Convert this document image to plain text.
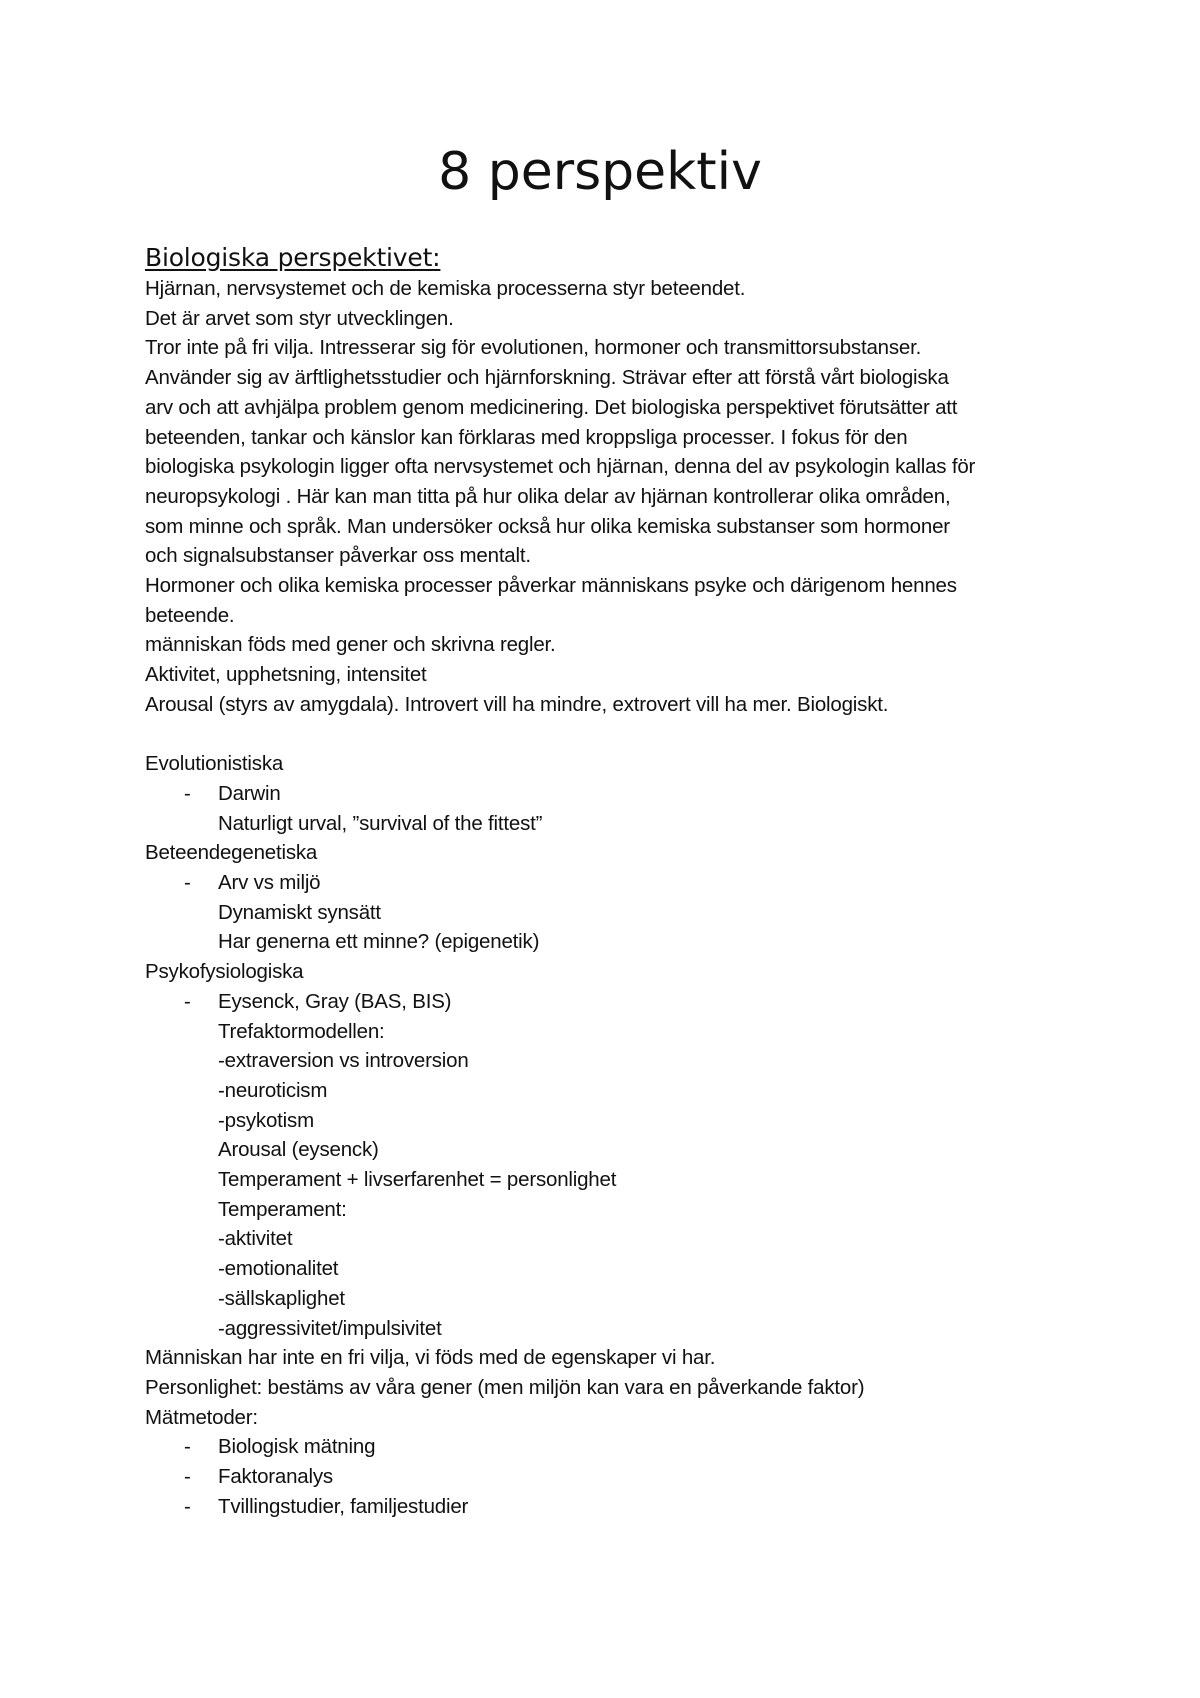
8 perspektiv
Biologiska perspektivet:

Hjärnan, nervsystemet och de kemiska processerna styr beteendet.

Det är arvet som styr utvecklingen.

Tror inte på fri vilja. Intresserar sig för evolutionen, hormoner och transmittorsubstanser.

Använder sig av ärftlighetsstudier och hjärnforskning. Strävar efter att förstå vårt biologiska

arv och att avhjälpa problem genom medicinering. Det biologiska perspektivet förutsätter att

beteenden, tankar och känslor kan förklaras med kroppsliga processer. I fokus för den

biologiska psykologin ligger ofta nervsystemet och hjärnan, denna del av psykologin kallas för

neuropsykologi . Här kan man titta på hur olika delar av hjärnan kontrollerar olika områden,

som minne och språk. Man undersöker också hur olika kemiska substanser som hormoner

och signalsubstanser påverkar oss mentalt.

Hormoner och olika kemiska processer påverkar människans psyke och därigenom hennes

beteende.

människan föds med gener och skrivna regler.

Aktivitet, upphetsning, intensitet

Arousal (styrs av amygdala). Introvert vill ha mindre, extrovert vill ha mer. Biologiskt.

Evolutionistiska

- Darwin

Naturligt urval, ”survival of the fittest”

Beteendegenetiska

- Arv vs miljö

Dynamiskt synsätt

Har generna ett minne? (epigenetik)

Psykofysiologiska

- Eysenck, Gray (BAS, BIS)

Trefaktormodellen:

-extraversion vs introversion

-neuroticism

-psykotism

Arousal (eysenck)

Temperament + livserfarenhet = personlighet

Temperament:

-aktivitet

-emotionalitet

-sällskaplighet

-aggressivitet/impulsivitet

Människan har inte en fri vilja, vi föds med de egenskaper vi har.

Personlighet: bestäms av våra gener (men miljön kan vara en påverkande faktor)

Mätmetoder:

- Biologisk mätning

- Faktoranalys

- Tvillingstudier, familjestudier
